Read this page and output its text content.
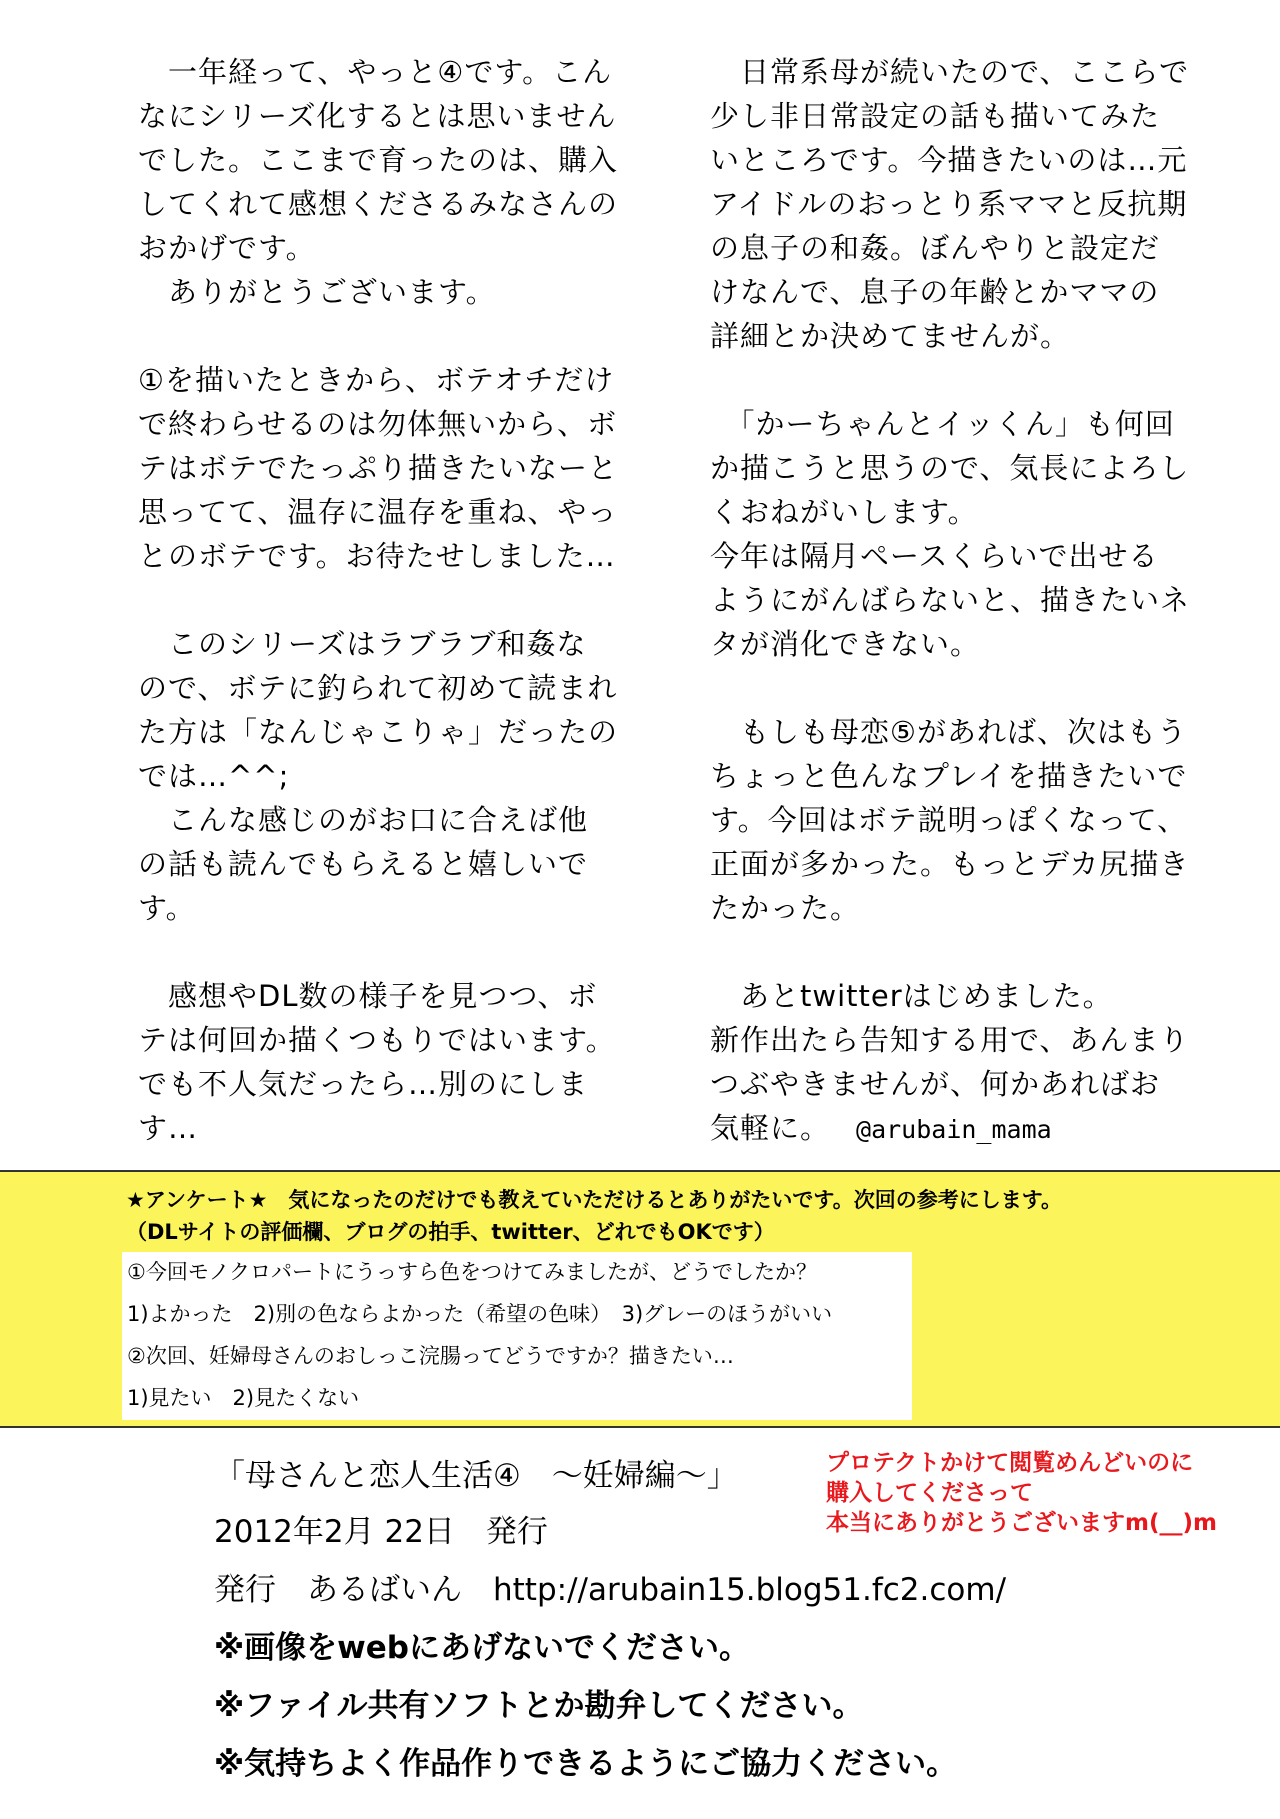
　一年経って、やっと④です。こん
なにシリーズ化するとは思いません
でした。ここまで育ったのは、購入
してくれて感想くださるみなさんの
おかげです。
　ありがとうございます。
①を描いたときから、ボテオチだけ
で終わらせるのは勿体無いから、ボ
テはボテでたっぷり描きたいなーと
思ってて、温存に温存を重ね、やっ
とのボテです。お待たせしました…
　このシリーズはラブラブ和姦な
ので、ボテに釣られて初めて読まれ
た方は「なんじゃこりゃ」だったの
では…^^;
　こんな感じのがお口に合えば他
の話も読んでもらえると嬉しいで
す。
　感想やDL数の様子を見つつ、ボ
テは何回か描くつもりではいます。
でも不人気だったら…別のにしま
す…
　日常系母が続いたので、ここらで
少し非日常設定の話も描いてみた
いところです。今描きたいのは…元
アイドルのおっとり系ママと反抗期
の息子の和姦。ぼんやりと設定だ
けなんで、息子の年齢とかママの
詳細とか決めてませんが。
　「かーちゃんとイッくん」も何回
か描こうと思うので、気長によろし
くおねがいします。
今年は隔月ペースくらいで出せる
ようにがんばらないと、描きたいネ
タが消化できない。
　もしも母恋⑤があれば、次はもう
ちょっと色んなプレイを描きたいで
す。今回はボテ説明っぽくなって、
正面が多かった。もっとデカ尻描き
たかった。
　あとtwitterはじめました。
新作出たら告知する用で、あんまり
つぶやきませんが、何かあればお
気軽に。 @arubain_mama
★アンケート★　気になったのだけでも教えていただけるとありがたいです。次回の参考にします。
（DLサイトの評価欄、ブログの拍手、twitter、どれでもOKです）
①今回モノクロパートにうっすら色をつけてみましたが、どうでしたか？
1)よかった　2)別の色ならよかった（希望の色味）　3)グレーのほうがいい
②次回、妊婦母さんのおしっこ浣腸ってどうですか？描きたい…
1)見たい　2)見たくない
「母さんと恋人生活④　～妊婦編～」
2012年2月 22日　発行
発行　あるばいん　http://arubain15.blog51.fc2.com/
※画像をwebにあげないでください。
※ファイル共有ソフトとか勘弁してください。
※気持ちよく作品作りできるようにご協力ください。
プロテクトかけて閲覧めんどいのに
購入してくださって
本当にありがとうございますm(__)m
